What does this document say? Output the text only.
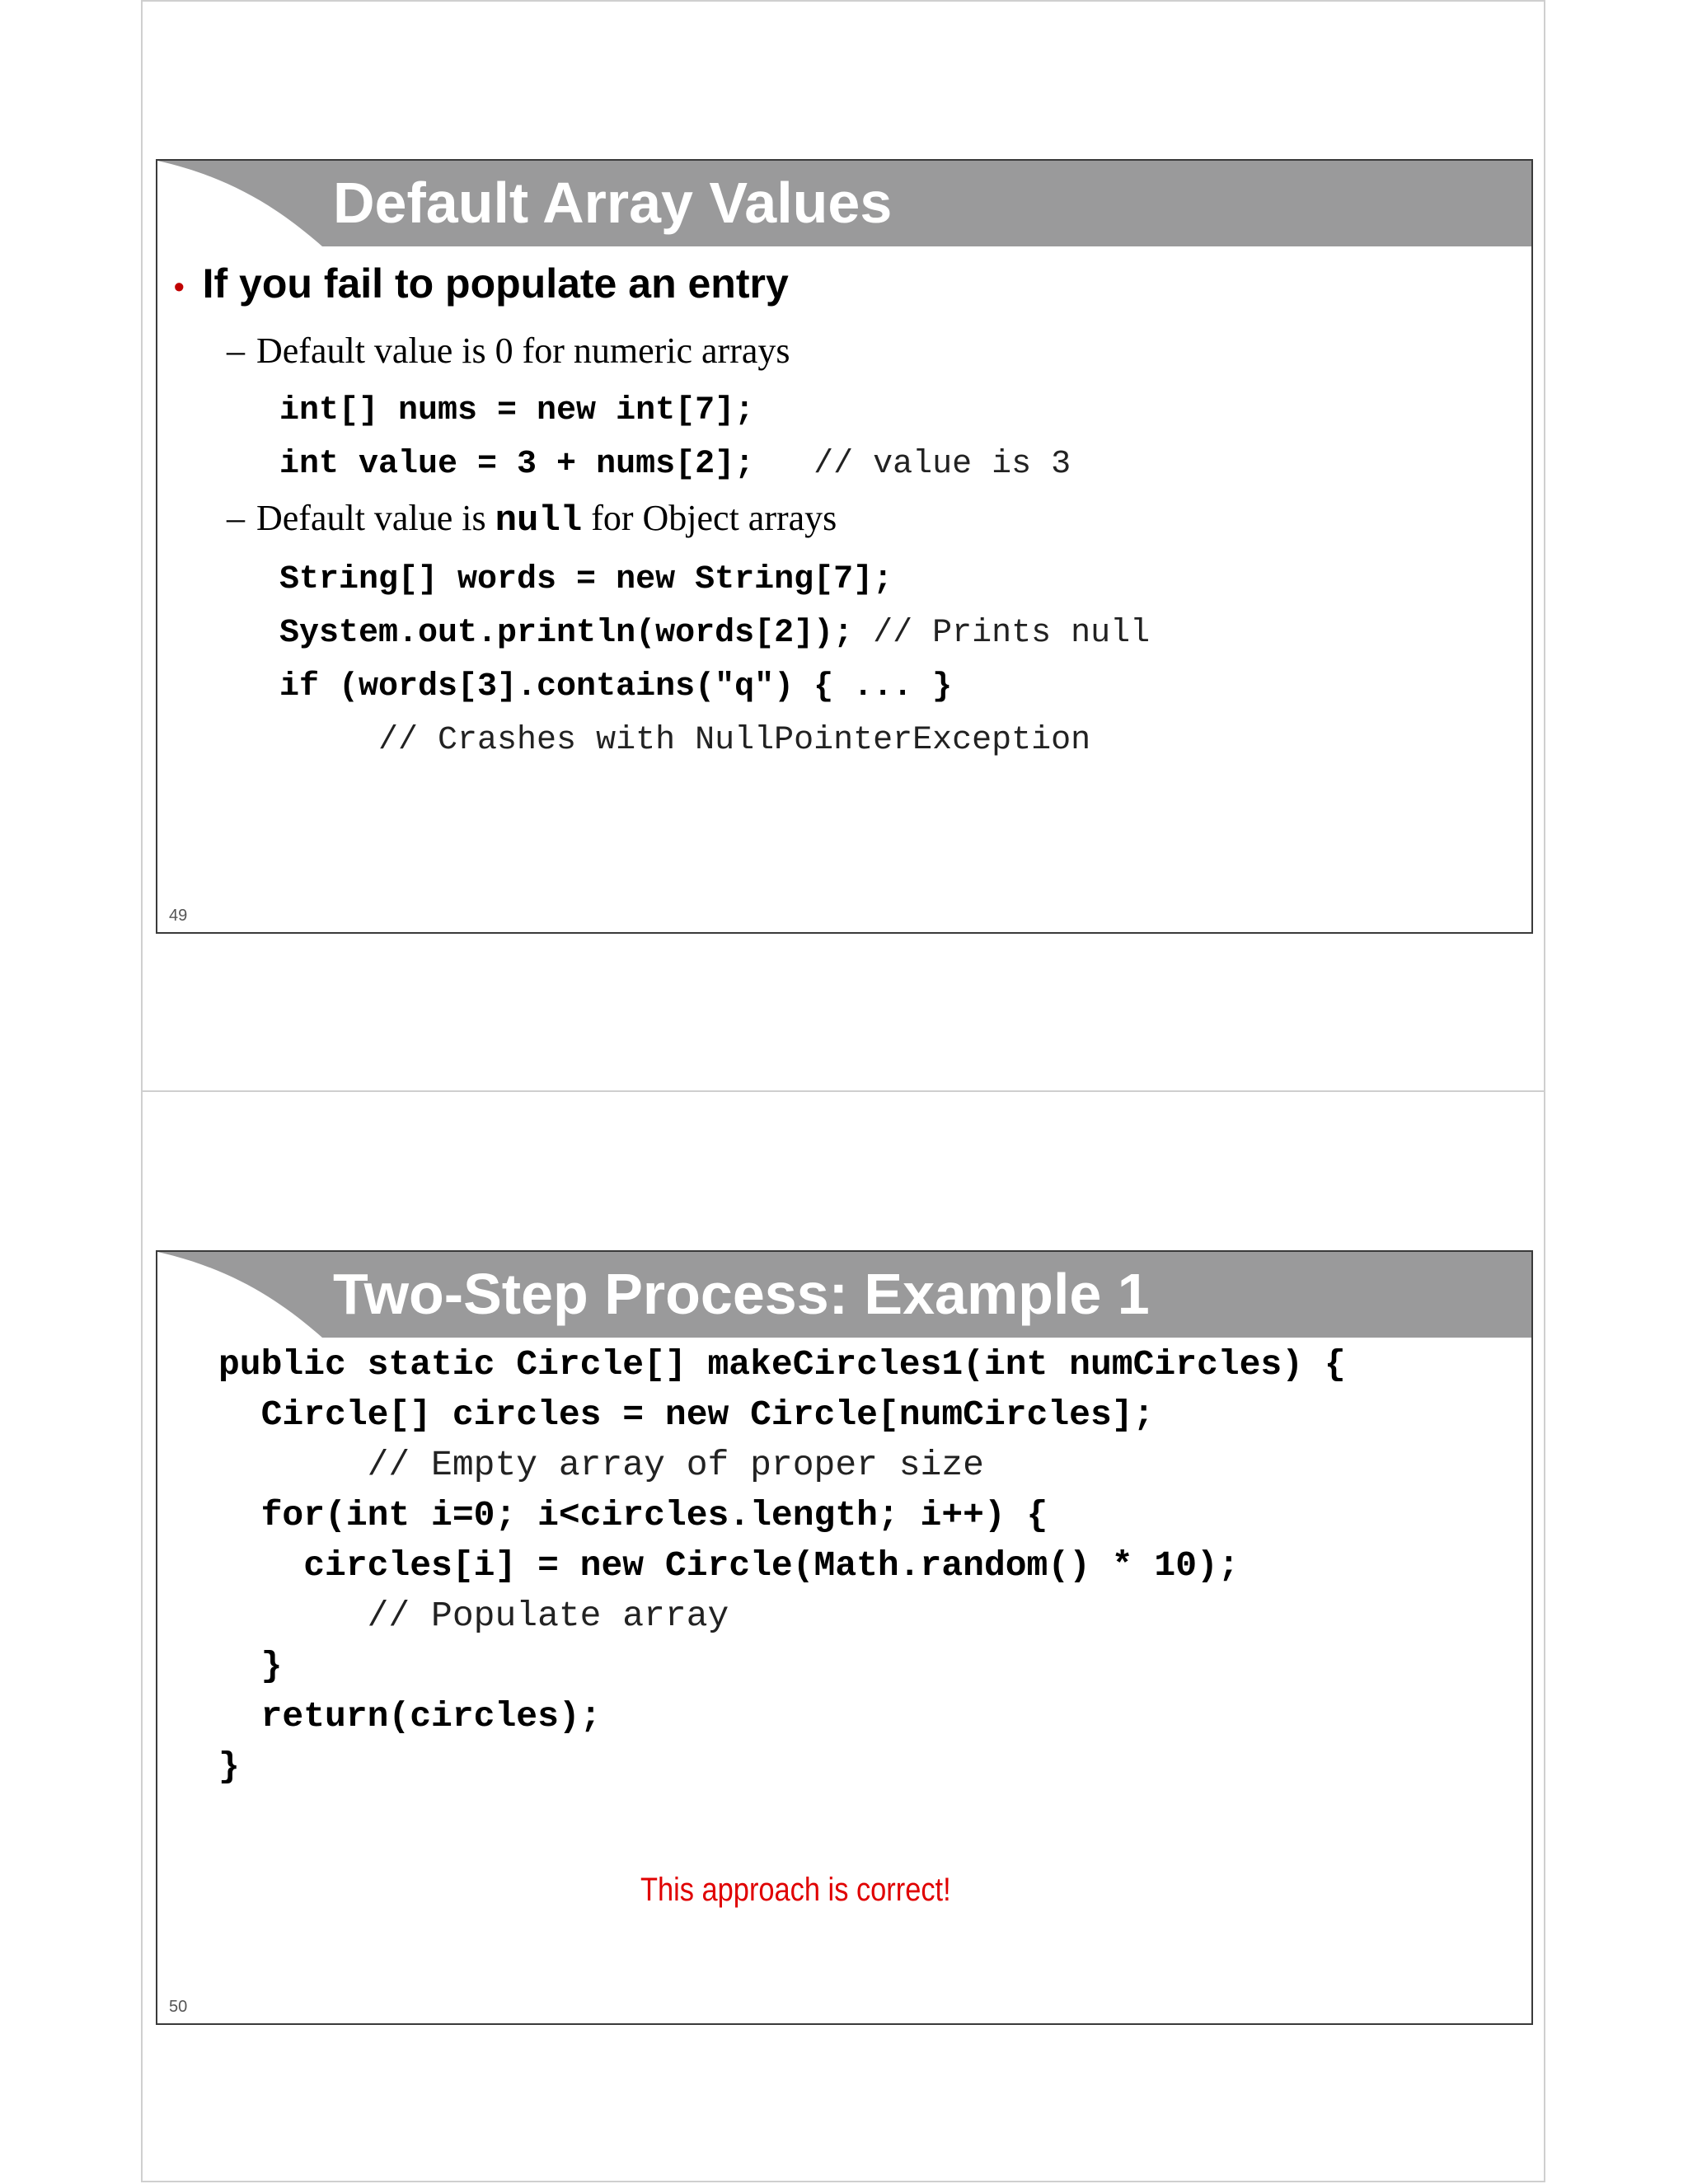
Default Array Values
• If you fail to populate an entry
– Default value is 0 for numeric arrays
int[] nums = new int[7];
int value = 3 + nums[2];   // value is 3
– Default value is null for Object arrays
String[] words = new String[7];
System.out.println(words[2]); // Prints null
if (words[3].contains("q") { ... }
// Crashes with NullPointerException
49
Two-Step Process: Example 1
public static Circle[] makeCircles1(int numCircles) {
Circle[] circles = new Circle[numCircles];
// Empty array of proper size
for(int i=0; i<circles.length; i++) {
circles[i] = new Circle(Math.random() * 10);
// Populate array
}
return(circles);
}
This approach is correct!
50
